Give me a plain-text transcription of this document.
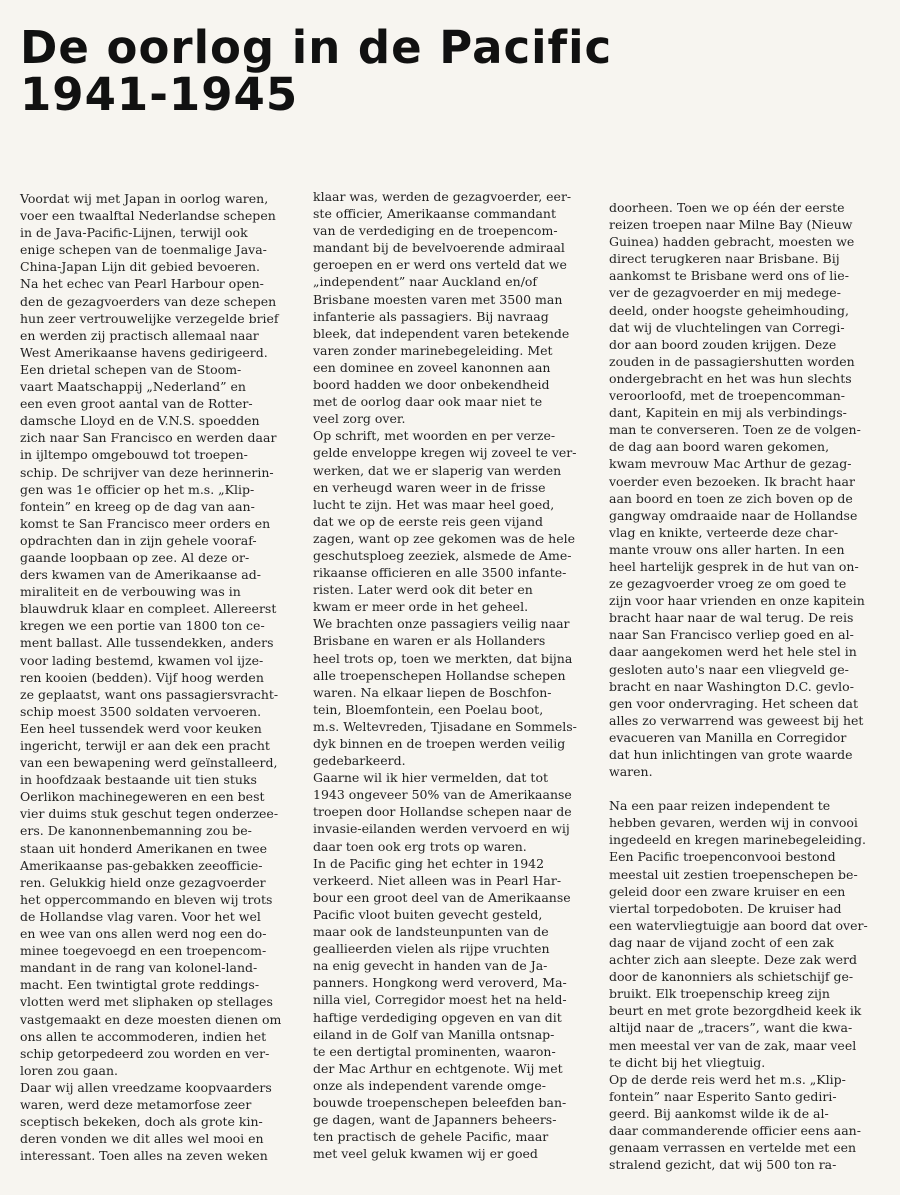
De oorlog in de Pacific
1941-1945

Voordat wij met Japan in oorlog waren,
voer een twaalftal Nederlandse schepen
in de Java-Pacific-Lijnen, terwijl ook
enige schepen van de toenmalige Java-
China-Japan Lijn dit gebied bevoeren.
Na het echec van Pearl Harbour open-
den de gezagvoerders van deze schepen
hun zeer vertrouwelijke verzegelde brief
en werden zij practisch allemaal naar
West Amerikaanse havens gedirigeerd.
Een drietal schepen van de Stoom-
vaart Maatschappij „Nederland” en
een even groot aantal van de Rotter-
damsche Lloyd en de V.N.S. spoedden
zich naar San Francisco en werden daar
in ijltempo omgebouwd tot troepen-
schip. De schrijver van deze herinnerin-
gen was 1e officier op het m.s. „Klip-
fontein” en kreeg op de dag van aan-
komst te San Francisco meer orders en
opdrachten dan in zijn gehele vooraf-
gaande loopbaan op zee. Al deze or-
ders kwamen van de Amerikaanse ad-
miraliteit en de verbouwing was in
blauwdruk klaar en compleet. Allereerst
kregen we een portie van 1800 ton ce-
ment ballast. Alle tussendekken, anders
voor lading bestemd, kwamen vol ijze-
ren kooien (bedden). Vijf hoog werden
ze geplaatst, want ons passagiersvracht-
schip moest 3500 soldaten vervoeren.
Een heel tussendek werd voor keuken
ingericht, terwijl er aan dek een pracht
van een bewapening werd geïnstalleerd,
in hoofdzaak bestaande uit tien stuks
Oerlikon machinegeweren en een best
vier duims stuk geschut tegen onderzee-
ers. De kanonnenbemanning zou be-
staan uit honderd Amerikanen en twee
Amerikaanse pas-gebakken zeeofficie-
ren. Gelukkig hield onze gezagvoerder
het oppercommando en bleven wij trots
de Hollandse vlag varen. Voor het wel
en wee van ons allen werd nog een do-
minee toegevoegd en een troepencom-
mandant in de rang van kolonel-land-
macht. Een twintigtal grote reddings-
vlotten werd met sliphaken op stellages
vastgemaakt en deze moesten dienen om
ons allen te accommoderen, indien het
schip getorpedeerd zou worden en ver-
loren zou gaan.

Daar wij allen vreedzame koopvaarders
waren, werd deze metamorfose zeer
sceptisch bekeken, doch als grote kin-
deren vonden we dit alles wel mooi en
interessant. Toen alles na zeven weken

klaar was, werden de gezagvoerder, eer-
ste officier, Amerikaanse commandant
van de verdediging en de troepencom-
mandant bij de bevelvoerende admiraal
geroepen en er werd ons verteld dat we
„independent” naar Auckland en/of
Brisbane moesten varen met 3500 man
infanterie als passagiers. Bij navraag
bleek, dat independent varen betekende
varen zonder marinebegeleiding. Met
een dominee en zoveel kanonnen aan
boord hadden we door onbekendheid
met de oorlog daar ook maar niet te
veel zorg over.

Op schrift, met woorden en per verze-
gelde enveloppe kregen wij zoveel te ver-
werken, dat we er slaperig van werden
en verheugd waren weer in de frisse
lucht te zijn. Het was maar heel goed,
dat we op de eerste reis geen vijand
zagen, want op zee gekomen was de hele
geschutsploeg zeeziek, alsmede de Ame-
rikaanse officieren en alle 3500 infante-
risten. Later werd ook dit beter en
kwam er meer orde in het geheel.

We brachten onze passagiers veilig naar
Brisbane en waren er als Hollanders
heel trots op, toen we merkten, dat bijna
alle troepenschepen Hollandse schepen
waren. Na elkaar liepen de Boschfon-
tein, Bloemfontein, een Poelau boot,
m.s. Weltevreden, Tjisadane en Sommels-
dyk binnen en de troepen werden veilig
gedebarkeerd.

Gaarne wil ik hier vermelden, dat tot
1943 ongeveer 50% van de Amerikaanse
troepen door Hollandse schepen naar de
invasie-eilanden werden vervoerd en wij
daar toen ook erg trots op waren.

In de Pacific ging het echter in 1942
verkeerd. Niet alleen was in Pearl Har-
bour een groot deel van de Amerikaanse
Pacific vloot buiten gevecht gesteld,
maar ook de landsteunpunten van de
geallieerden vielen als rijpe vruchten
na enig gevecht in handen van de Ja-
panners. Hongkong werd veroverd, Ma-
nilla viel, Corregidor moest het na held-
haftige verdediging opgeven en van dit
eiland in de Golf van Manilla ontsnap-
te een dertigtal prominenten, waaron-
der Mac Arthur en echtgenote. Wij met
onze als independent varende omge-
bouwde troepenschepen beleefden ban-
ge dagen, want de Japanners beheers-
ten practisch de gehele Pacific, maar
met veel geluk kwamen wij er goed

doorheen. Toen we op één der eerste
reizen troepen naar Milne Bay (Nieuw
Guinea) hadden gebracht, moesten we
direct terugkeren naar Brisbane. Bij
aankomst te Brisbane werd ons of lie-
ver de gezagvoerder en mij medege-
deeld, onder hoogste geheimhouding,
dat wij de vluchtelingen van Corregi-
dor aan boord zouden krijgen. Deze
zouden in de passagiershutten worden
ondergebracht en het was hun slechts
veroorloofd, met de troepencomman-
dant, Kapitein en mij als verbindings-
man te converseren. Toen ze de volgen-
de dag aan boord waren gekomen,
kwam mevrouw Mac Arthur de gezag-
voerder even bezoeken. Ik bracht haar
aan boord en toen ze zich boven op de
gangway omdraaide naar de Hollandse
vlag en knikte, verteerde deze char-
mante vrouw ons aller harten. In een
heel hartelijk gesprek in de hut van on-
ze gezagvoerder vroeg ze om goed te
zijn voor haar vrienden en onze kapitein
bracht haar naar de wal terug. De reis
naar San Francisco verliep goed en al-
daar aangekomen werd het hele stel in
gesloten auto's naar een vliegveld ge-
bracht en naar Washington D.C. gevlo-
gen voor ondervraging. Het scheen dat
alles zo verwarrend was geweest bij het
evacueren van Manilla en Corregidor
dat hun inlichtingen van grote waarde
waren.

Na een paar reizen independent te
hebben gevaren, werden wij in convooi
ingedeeld en kregen marinebegeleiding.
Een Pacific troepenconvooi bestond
meestal uit zestien troepenschepen be-
geleid door een zware kruiser en een
viertal torpedoboten. De kruiser had
een watervliegtuigje aan boord dat over-
dag naar de vijand zocht of een zak
achter zich aan sleepte. Deze zak werd
door de kanonniers als schietschijf ge-
bruikt. Elk troepenschip kreeg zijn
beurt en met grote bezorgdheid keek ik
altijd naar de „tracers”, want die kwa-
men meestal ver van de zak, maar veel
te dicht bij het vliegtuig.

Op de derde reis werd het m.s. „Klip-
fontein” naar Esperito Santo gediri-
geerd. Bij aankomst wilde ik de al-
daar commanderende officier eens aan-
genaam verrassen en vertelde met een
stralend gezicht, dat wij 500 ton ra-
